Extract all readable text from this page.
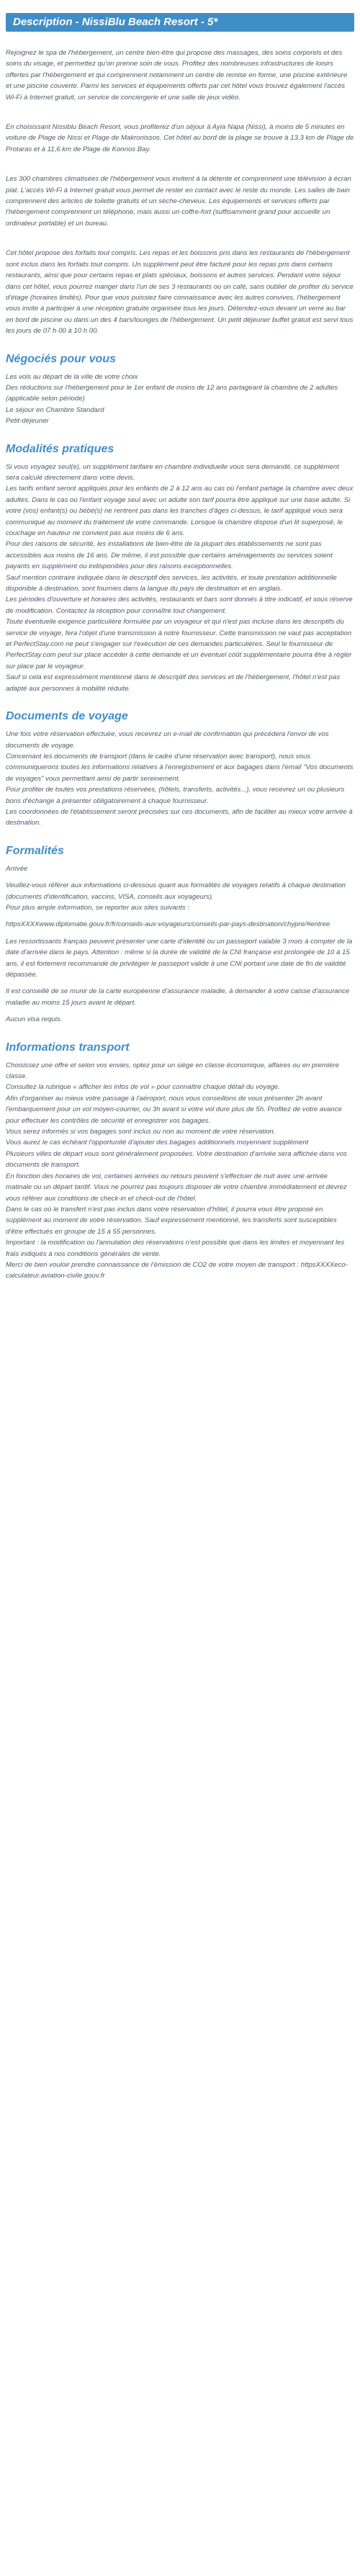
Description - NissiBlu Beach Resort - 5*

Rejoignez le spa de l'hébergement, un centre bien-être qui propose des massages, des soins corporels et des soins du visage, et permettez qu'on prenne soin de vous. Profitez des nombreuses infrastructures de loisirs offertes par l'hébergement et qui comprennent notamment un centre de remise en forme, une piscine extérieure et une piscine couverte. Parmi les services et équipements offerts par cet hôtel vous trouvez également l'accès Wi-Fi à Internet gratuit, un service de conciergerie et une salle de jeux vidéo.

En choisissant Nissiblu Beach Resort, vous profiterez d'un séjour à Ayia Napa (Nissi), à moins de 5 minutes en voiture de Plage de Nissi et Plage de Makronissos. Cet hôtel au bord de la plage se trouve à 13,3 km de Plage de Protaras et à 11,6 km de Plage de Konnos Bay.

Les 300 chambres climatisées de l'hébergement vous invitent à la détente et comprennent une télévision à écran plat. L'accès Wi-Fi à Internet gratuit vous permet de rester en contact avec le reste du monde. Les salles de bain comprennent des articles de toilette gratuits et un sèche-cheveux. Les équipements et services offerts par l'hébergement comprennent un téléphone, mais aussi un coffre-fort (suffisamment grand pour accueillir un ordinateur portable) et un bureau.

Cet hôtel propose des forfaits tout compris. Les repas et les boissons pris dans les restaurants de l'hébergement sont inclus dans les forfaits tout compris. Un supplément peut être facturé pour les repas pris dans certains restaurants, ainsi que pour certains repas et plats spéciaux, boissons et autres services. Pendant votre séjour dans cet hôtel, vous pourrez manger dans l'un de ses 3 restaurants ou un café, sans oublier de profiter du service d'étage (horaires limités). Pour que vous puissiez faire connaissance avec les autres convives, l'hébergement vous invite à participer à une réception gratuite organisée tous les jours. Détendez-vous devant un verre au bar en bord de piscine ou dans un des 4 bars/lounges de l'hébergement. Un petit déjeuner buffet gratuit est servi tous les jours de 07 h 00 à 10 h 00.

Négociés pour vous
Les vols au départ de la ville de votre choix
Des réductions sur l'hébergement pour le 1er enfant de moins de 12 ans partageant la chambre de 2 adultes (applicable selon période)
Le séjour en Chambre Standard
Petit-déjeuner
Modalités pratiques
Si vous voyagez seul(e), un supplément tarifaire en chambre individuelle vous sera demandé, ce supplément sera calculé directement dans votre devis.
Les tarifs enfant seront appliqués pour les enfants de 2 à 12 ans au cas où l'enfant partage la chambre avec deux adultes. Dans le cas où l'enfant voyage seul avec un adulte son tarif pourra être appliqué sur une base adulte. Si votre (vos) enfant(s) ou bébé(s) ne rentrent pas dans les tranches d'âges ci-dessus, le tarif appliqué vous sera communiqué au moment du traitement de votre commande. Lorsque la chambre dispose d'un lit superposé, le couchage en hauteur ne convient pas aux moins de 6 ans.
Pour des raisons de sécurité, les installations de bien-être de la plupart des établissements ne sont pas accessibles aux moins de 16 ans. De même, il est possible que certains aménagements ou services soient payants en supplément ou indisponibles pour des raisons exceptionnelles.
Sauf mention contraire indiquée dans le descriptif des services, les activités, et toute prestation additionnelle disponible à destination, sont fournies dans la langue du pays de destination et en anglais.
Les périodes d'ouverture et horaires des activités, restaurants et bars sont donnés à titre indicatif, et sous réserve de modification. Contactez la réception pour connaître tout changement.
Toute éventuelle exigence particulière formulée par un voyageur et qui n'est pas incluse dans les descriptifs du service de voyage, fera l'objet d'une transmission à notre fournisseur. Cette transmission ne vaut pas acceptation et PerfectStay.com ne peut s'engager sur l'exécution de ces demandes particulières. Seul le fournisseur de PerfectStay.com peut sur place accéder à cette demande et un éventuel coût supplémentaire pourra être à régler sur place par le voyageur.
Sauf si cela est expressément mentionné dans le descriptif des services et de l'hébergement, l'hôtel n'est pas adapté aux personnes à mobilité réduite.
Documents de voyage
Une fois votre réservation effectuée, vous recevrez un e-mail de confirmation qui précédera l'envoi de vos documents de voyage.
Concernant les documents de transport (dans le cadre d'une réservation avec transport), nous vous communiquerons toutes les informations relatives à l'enregistrement et aux bagages dans l'email "Vos documents de voyages" vous permettant ainsi de partir sereinement.
Pour profiter de toutes vos prestations réservées, (hôtels, transferts, activités...), vous recevrez un ou plusieurs bons d'échange à présenter obligatoirement à chaque fournisseur.
Les coordonnées de l'établissement seront précisées sur ces documents, afin de faciliter au mieux votre arrivée à destination.
Formalités
Arrivée
Veuillez-vous référer aux informations ci-dessous quant aux formalités de voyages relatifs à chaque destination (documents d'identification, vaccins, VISA, conseils aux voyageurs).
Pour plus ample information, se reporter aux sites suivants :
httpsXXXXwww.diplomatie.gouv.fr/fr/conseils-aux-voyageurs/conseils-par-pays-destination/chypre/#entree
Les ressortissants français peuvent présenter une carte d'identité ou un passeport valable 3 mois à compter de la date d'arrivée dans le pays. Attention : même si la durée de validité de la CNI française est prolongée de 10 à 15 ans, il est fortement recommandé de privilégier le passeport valide à une CNI portant une date de fin de validité dépassée.
Il est conseillé de se munir de la carte européenne d'assurance maladie, à demander à votre caisse d'assurance maladie au moins 15 jours avant le départ.
Aucun visa requis.
Informations transport
Choisissez une offre et selon vos envies, optez pour un siège en classe économique, affaires ou en première classe.
Consultez la rubrique « afficher les infos de vol » pour connaître chaque détail du voyage.
Afin d'organiser au mieux votre passage à l'aéroport, nous vous conseillons de vous présenter 2h avant l'embarquement pour un vol moyen-courrier, ou 3h avant si votre vol dure plus de 5h. Profitez de votre avance pour effectuer les contrôles de sécurité et enregistrer vos bagages.
Vous serez informés si vos bagages sont inclus ou non au moment de votre réservation.
Vous aurez le cas échéant l'opportunité d'ajouter des bagages additionnels moyennant supplément
Plusieurs villes de départ vous sont généralement proposées. Votre destination d'arrivée sera affichée dans vos documents de transport.
En fonction des horaires de vol, certaines arrivées ou retours peuvent s'effectuer de nuit avec une arrivée matinale ou un départ tardif. Vous ne pourrez pas toujours disposer de votre chambre immédiatement et devrez vous référer aux conditions de check-in et check-out de l'hôtel.
Dans le cas où le transfert n'est pas inclus dans votre réservation d'hôtel, il pourra vous être proposé en supplément au moment de votre réservation. Sauf expressément mentionné, les transferts sont susceptibles d'être effectués en groupe de 15 à 55 personnes.
Important : la modification ou l'annulation des réservations n'est possible que dans les limites et moyennant les frais indiqués à nos conditions générales de vente.
Merci de bien vouloir prendre connaissance de l'émission de CO2 de votre moyen de transport : httpsXXXXeco-calculateur.aviation-civile.gouv.fr
